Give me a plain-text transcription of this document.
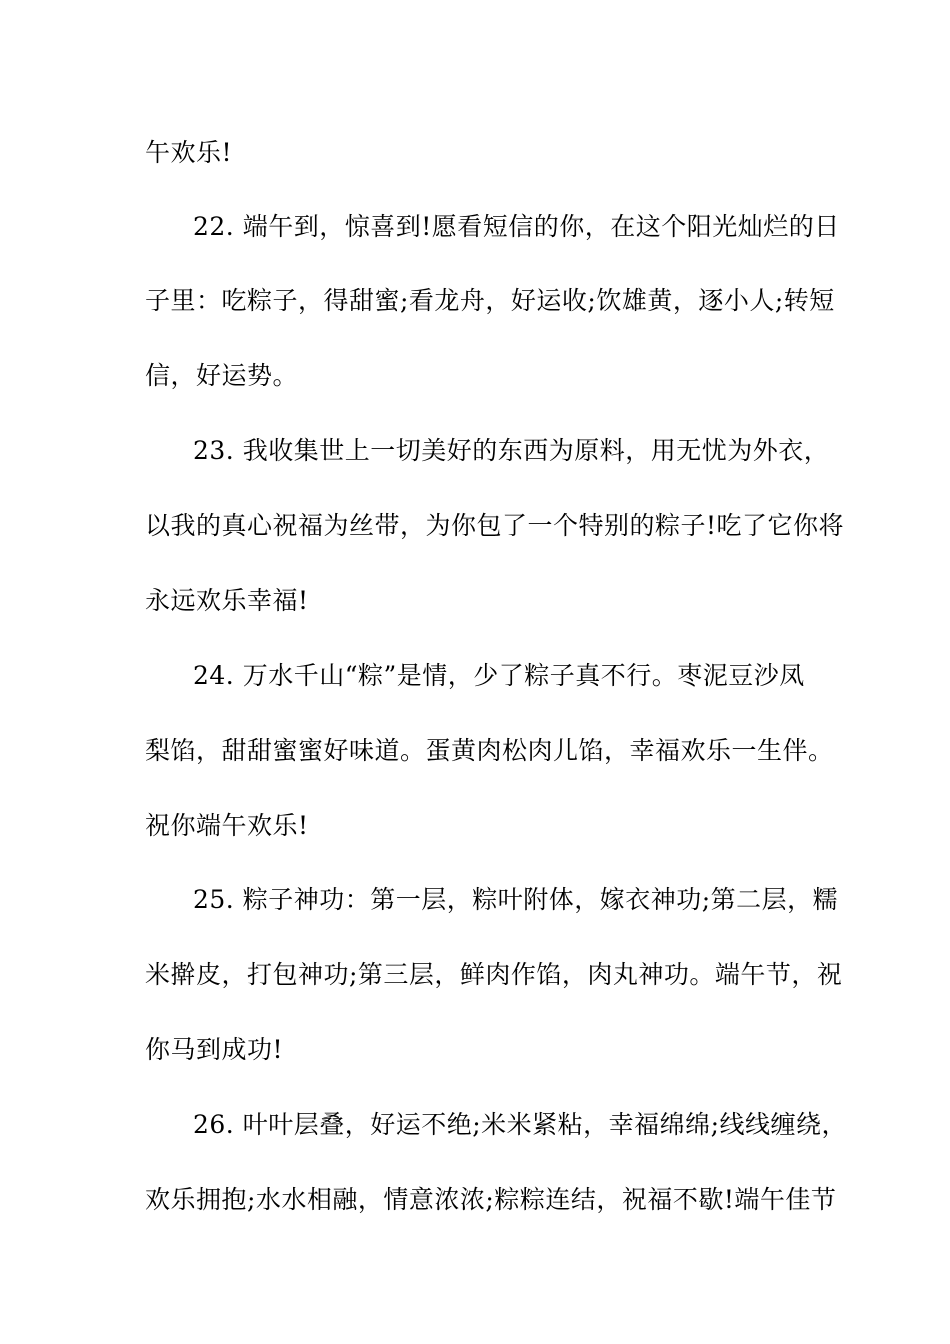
午欢乐!
22. 端午到，惊喜到!愿看短信的你，在这个阳光灿烂的日
子里：吃粽子，得甜蜜;看龙舟，好运收;饮雄黄，逐小人;转短
信，好运势。
23. 我收集世上一切美好的东西为原料，用无忧为外衣，
以我的真心祝福为丝带，为你包了一个特别的粽子!吃了它你将
永远欢乐幸福!
24. 万水千山“粽”是情，少了粽子真不行。枣泥豆沙凤
梨馅，甜甜蜜蜜好味道。蛋黄肉松肉儿馅，幸福欢乐一生伴。
祝你端午欢乐!
25. 粽子神功：第一层，粽叶附体，嫁衣神功;第二层，糯
米擀皮，打包神功;第三层，鲜肉作馅，肉丸神功。端午节，祝
你马到成功!
26. 叶叶层叠，好运不绝;米米紧粘，幸福绵绵;线线缠绕，
欢乐拥抱;水水相融，情意浓浓;粽粽连结，祝福不歇!端午佳节
